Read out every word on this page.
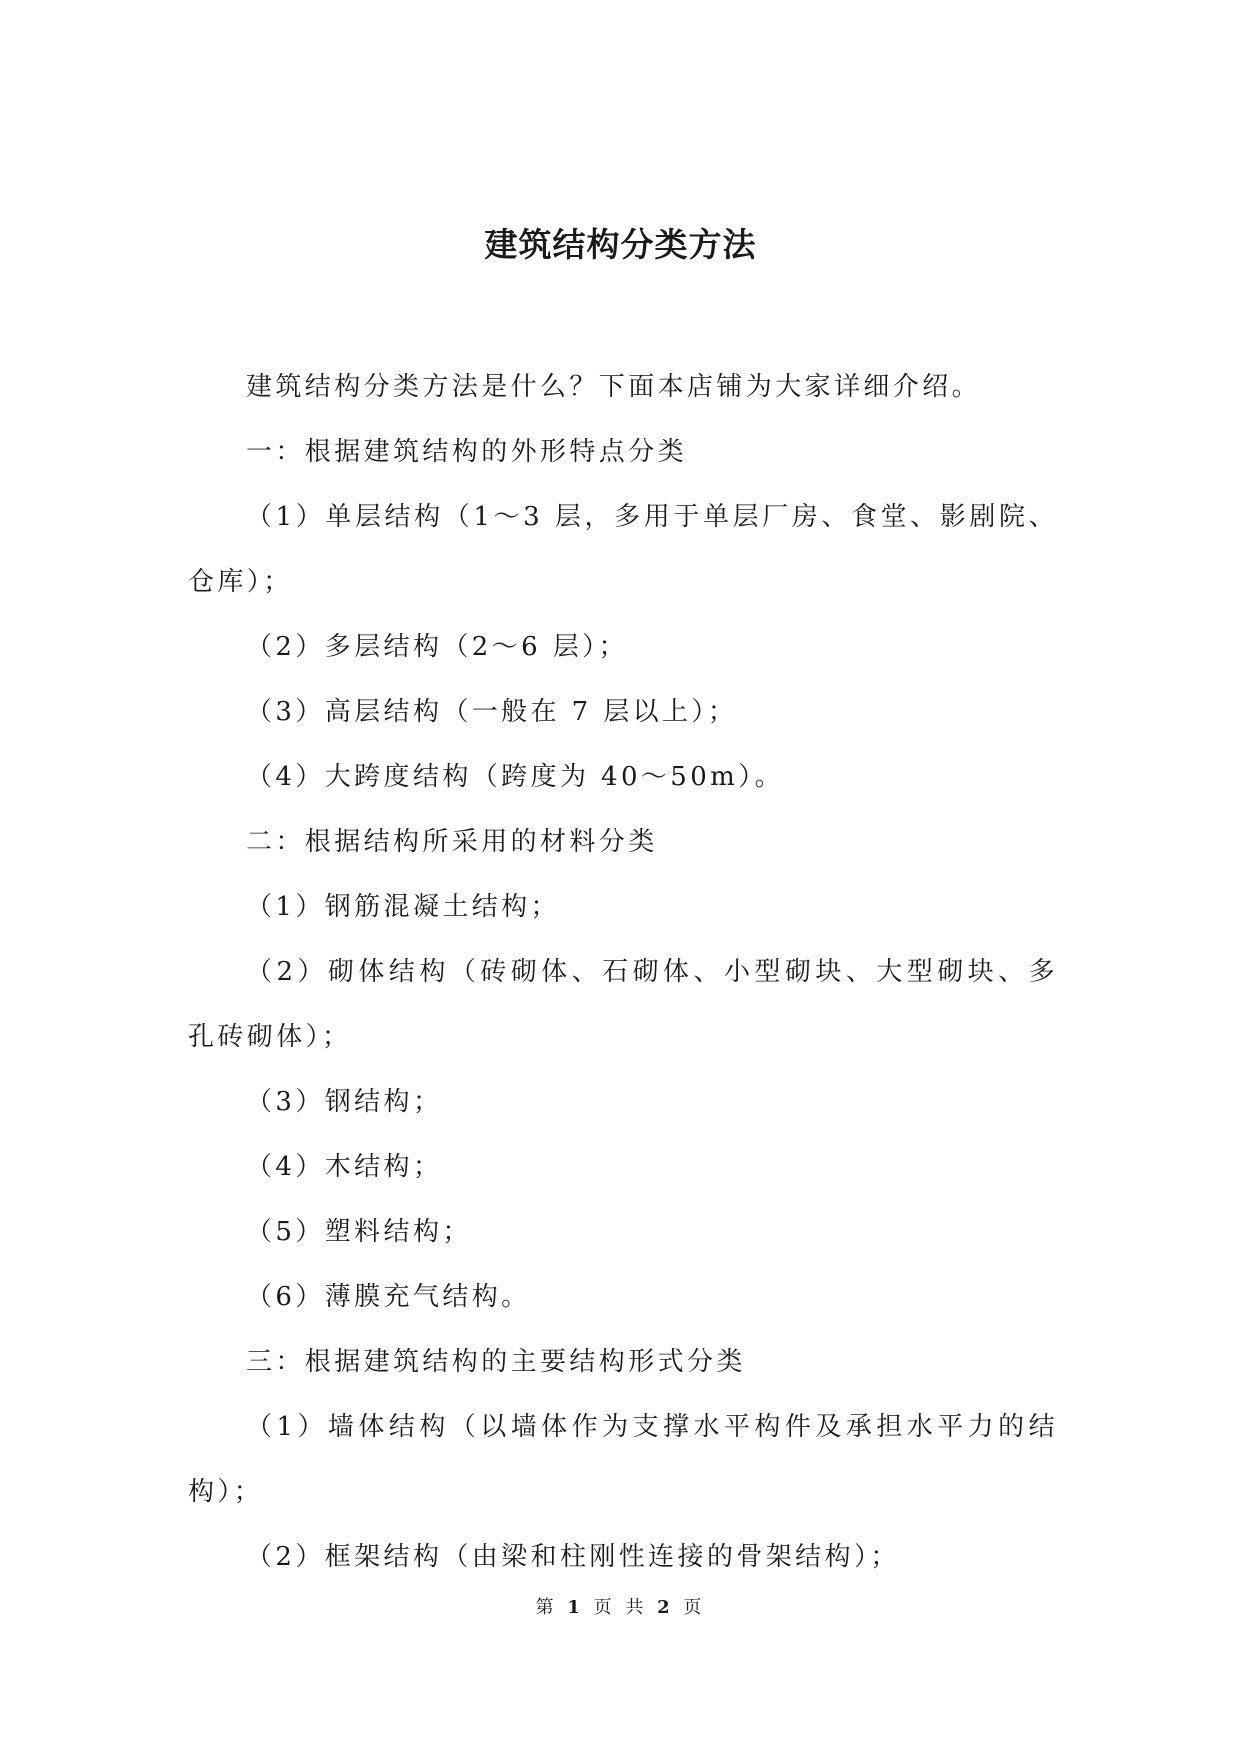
建筑结构分类方法

建筑结构分类方法是什么？下面本店铺为大家详细介绍。

一：根据建筑结构的外形特点分类

（1）单层结构（1～3 层，多用于单层厂房、食堂、影剧院、仓库）；

（2）多层结构（2～6 层）；

（3）高层结构（一般在 7 层以上）；

（4）大跨度结构（跨度为 40～50m）。

二：根据结构所采用的材料分类

（1）钢筋混凝土结构；

（2）砌体结构（砖砌体、石砌体、小型砌块、大型砌块、多孔砖砌体）；

（3）钢结构；

（4）木结构；

（5）塑料结构；

（6）薄膜充气结构。

三：根据建筑结构的主要结构形式分类

（1）墙体结构（以墙体作为支撑水平构件及承担水平力的结构）；

（2）框架结构（由梁和柱刚性连接的骨架结构）；

第 1 页 共 2 页
